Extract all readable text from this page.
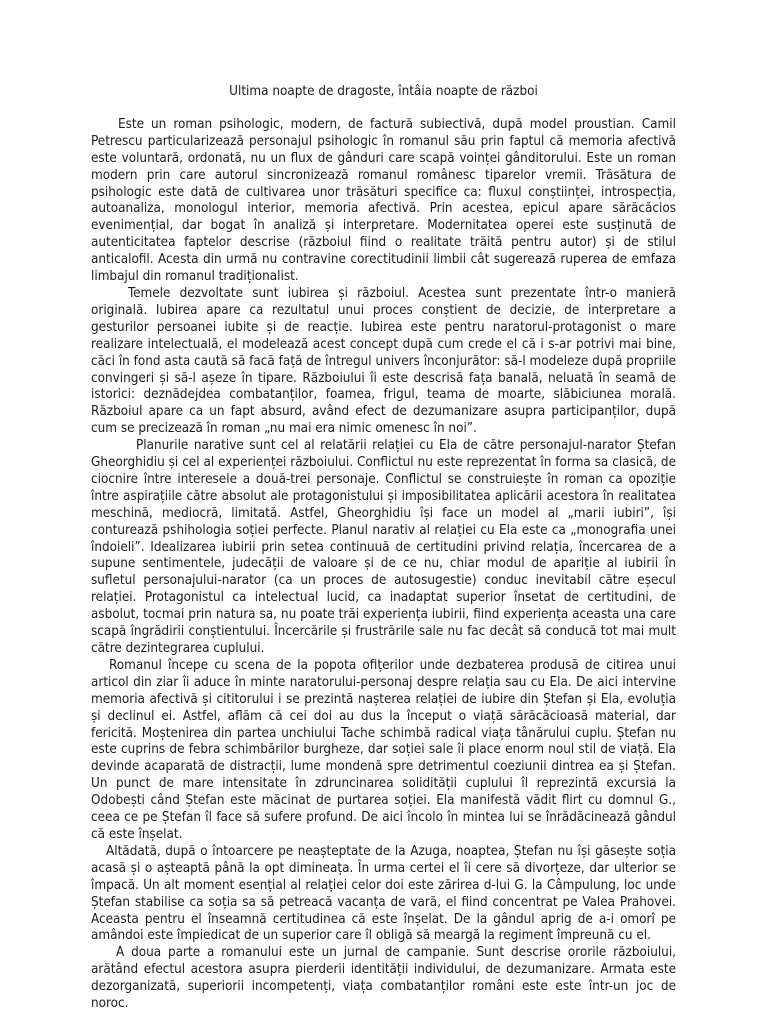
Ultima noapte de dragoste, întâia noapte de război

Este un roman psihologic, modern, de factură subiectivă, după model proustian. Camil Petrescu particularizează personajul psihologic în romanul său prin faptul că memoria afectivă este voluntară, ordonată, nu un flux de gânduri care scapă voinței gânditorului. Este un roman modern prin care autorul sincronizează romanul românesc tiparelor vremii. Trăsătura de psihologic este dată de cultivarea unor trăsături specifice ca: fluxul conștiinței, introspecția, autoanaliza, monologul interior, memoria afectivă. Prin acestea, epicul apare sărăcăcios evenimențial, dar bogat în analiză și interpretare. Modernitatea operei este susținută de autenticitatea faptelor descrise (războiul fiind o realitate trăită pentru autor) și de stilul anticalofil. Acesta din urmă nu contravine corectitudinii limbii cât sugerează ruperea de emfaza limbajul din romanul tradiționalist.

Temele dezvoltate sunt iubirea și războiul. Acestea sunt prezentate într-o manieră originală. Iubirea apare ca rezultatul unui proces conștient de decizie, de interpretare a gesturilor persoanei iubite și de reacție. Iubirea este pentru naratorul-protagonist o mare realizare intelectuală, el modelează acest concept după cum crede el că i s-ar potrivi mai bine, căci în fond asta caută să facă față de întregul univers înconjurător: să-l modeleze după propriile convingeri și să-l așeze în tipare. Războiului îi este descrisă fața banală, neluată în seamă de istorici: deznădejdea combatanților, foamea, frigul, teama de moarte, slăbiciunea morală. Războiul apare ca un fapt absurd, având efect de dezumanizare asupra participanților, după cum se precizează în roman „nu mai era nimic omenesc în noi”.

Planurile narative sunt cel al relatării relației cu Ela de către personajul-narator Ștefan Gheorghidiu și cel al experienței războiului. Conflictul nu este reprezentat în forma sa clasică, de ciocnire între interesele a două-trei personaje. Conflictul se construiește în roman ca opoziție între aspirațiile către absolut ale protagonistului și imposibilitatea aplicării acestora în realitatea meschină, mediocră, limitată. Astfel, Gheorghidiu își face un model al „marii iubiri”, își conturează pshihologia soției perfecte. Planul narativ al relației cu Ela este ca „monografia unei îndoieli”. Idealizarea iubirii prin setea continuuă de certitudini privind relația, încercarea de a supune sentimentele, judecății de valoare și de ce nu, chiar modul de apariție al iubirii în sufletul personajului-narator (ca un proces de autosugestie) conduc inevitabil către eșecul relației. Protagonistul ca intelectual lucid, ca inadaptat superior însetat de certitudini, de asbolut, tocmai prin natura sa, nu poate trăi experiența iubirii, fiind experiența aceasta una care scapă îngrădirii conștientului. Încercările și frustrările sale nu fac decât să conducă tot mai mult către dezintegrarea cuplului.

Romanul începe cu scena de la popota ofițerilor unde dezbaterea produsă de citirea unui articol din ziar îi aduce în minte naratorului-personaj despre relația sau cu Ela. De aici intervine memoria afectivă și cititorului i se prezintă nașterea relației de iubire din Ștefan și Ela, evoluția și declinul ei. Astfel, aflăm că cei doi au dus la început o viață sărăcăcioasă material, dar fericită. Moștenirea din partea unchiului Tache schimbă radical viața tânărului cuplu. Ștefan nu este cuprins de febra schimbărilor burgheze, dar soției sale îi place enorm noul stil de viață. Ela devinde acaparată de distracții, lume mondenă spre detrimentul coeziunii dintrea ea și Ștefan. Un punct de mare intensitate în zdruncinarea solidității cuplului îl reprezintă excursia la Odobești când Ștefan este măcinat de purtarea soției. Ela manifestă vădit flirt cu domnul G., ceea ce pe Ștefan îl face să sufere profund. De aici încolo în mintea lui se înrădăcinează gândul că este înșelat.

Altădată, după o întoarcere pe neașteptate de la Azuga, noaptea, Ștefan nu își găsește soția acasă și o așteaptă până la opt dimineața. În urma certei el îi cere să divorțeze, dar ulterior se împacă. Un alt moment esențial al relației celor doi este zărirea d-lui G. la Câmpulung, loc unde Ștefan stabilise ca soția sa să petreacă vacanța de vară, el fiind concentrat pe Valea Prahovei. Aceasta pentru el înseamnă certitudinea că este înșelat. De la gândul aprig de a-i omorî pe amândoi este împiedicat de un superior care îl obligă să meargă la regiment împreună cu el.

A doua parte a romanului este un jurnal de campanie. Sunt descrise ororile războiului, arătând efectul acestora asupra pierderii identității individului, de dezumanizare. Armata este dezorganizată, superiorii incompetenți, viața combatanților români este este într-un joc de noroc.
